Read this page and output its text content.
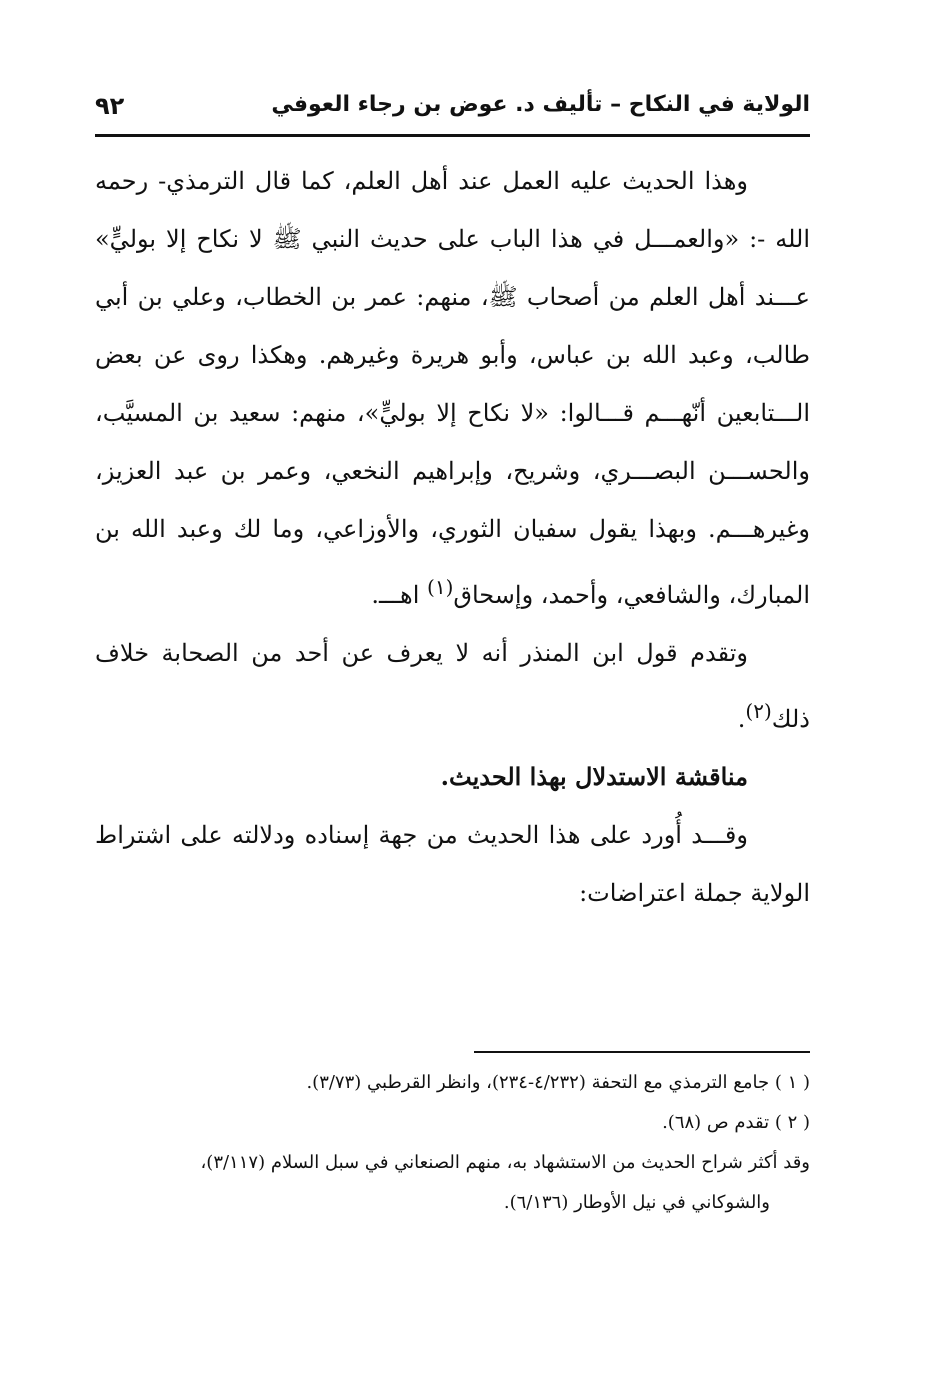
الولاية في النكاح – تأليف د. عوض بن رجاء العوفي
٩٢

وهذا الحديث عليه العمل عند أهل العلم، كما قال الترمذي- رحمه الله -: «والعمـــل في هذا الباب على حديث النبي ﷺ لا نكاح إلا بوليٍّ» عـــند أهل العلم من أصحاب ﷺ، منهم: عمر بن الخطاب، وعلي بن أبي طالب، وعبد الله بن عباس، وأبو هريرة وغيرهم. وهكذا روى عن بعض الـــتابعين أنّهـــم قـــالوا: «لا نكاح إلا بوليٍّ»، منهم: سعيد بن المسيَّب، والحســـن البصـــري، وشريح، وإبراهيم النخعي، وعمر بن عبد العزيز، وغيرهـــم. وبهذا يقول سفيان الثوري، والأوزاعي، وما لك وعبد الله بن المبارك، والشافعي، وأحمد، وإسحاق$^{(١)}$ اهـــ.

وتقدم قول ابن المنذر أنه لا يعرف عن أحد من الصحابة خلاف ذلك$^{(٢)}$.

مناقشة الاستدلال بهذا الحديث.

وقـــد أُورد على هذا الحديث من جهة إسناده ودلالته على اشتراط الولاية جملة اعتراضات:

( ١ ) جامع الترمذي مع التحفة (٤/٢٣٢-٢٣٤)، وانظر القرطبي (٣/٧٣).

( ٢ ) تقدم ص (٦٨).

وقد أكثر شراح الحديث من الاستشهاد به، منهم الصنعاني في سبل السلام (٣/١١٧)،

والشوكاني في نيل الأوطار (٦/١٣٦).
